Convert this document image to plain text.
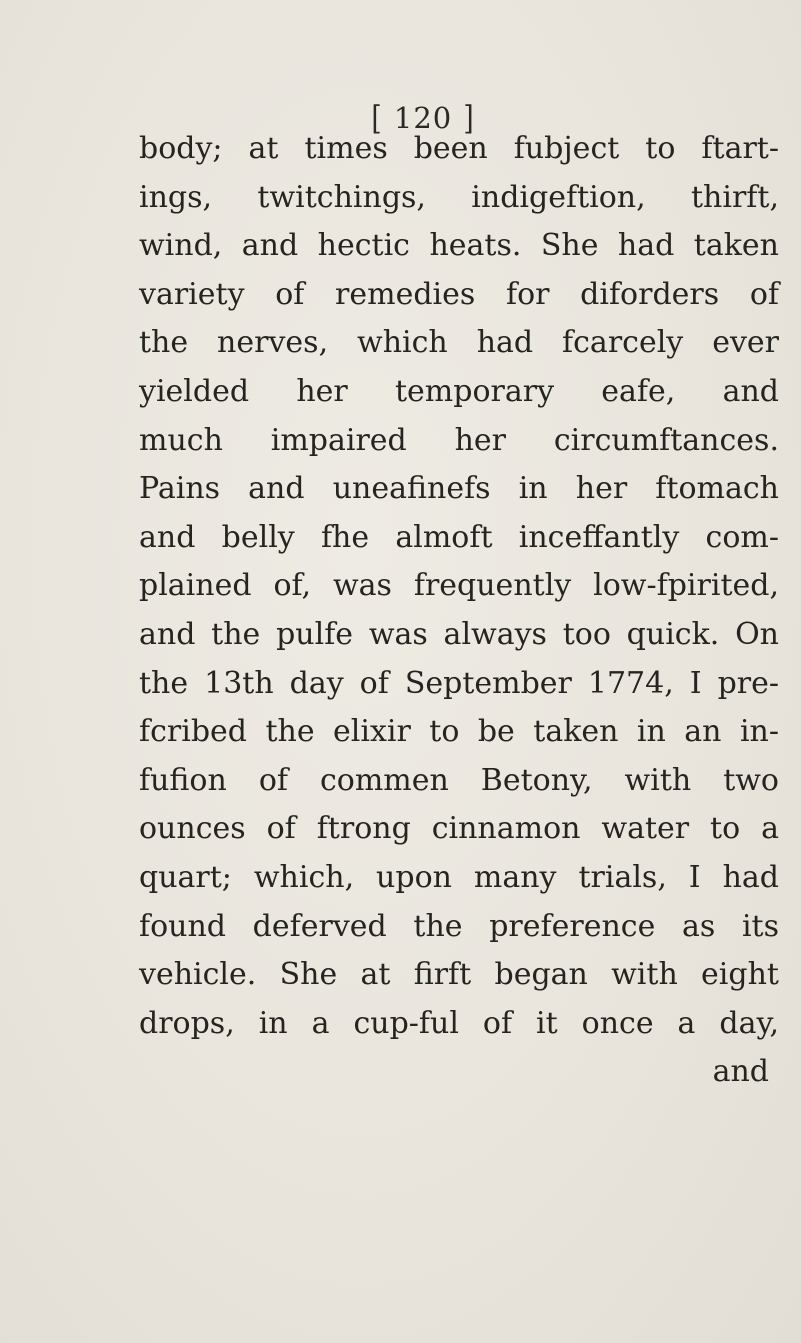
[ 120 ]
body; at times been fubject to ftart-
ings, twitchings, indigeftion, thirft,
wind, and hectic heats. She had taken
variety of remedies for diforders of
the nerves, which had fcarcely ever
yielded her temporary eafe, and
much impaired her circumftances.
Pains and uneafinefs in her ftomach
and belly fhe almoft inceffantly com-
plained of, was frequently low-fpirited,
and the pulfe was always too quick. On
the 13th day of September 1774, I pre-
fcribed the elixir to be taken in an in-
fufion of commen Betony, with two
ounces of ftrong cinnamon water to a
quart; which, upon many trials, I had
found deferved the preference as its
vehicle. She at firft began with eight
drops, in a cup-ful of it once a day,
and
